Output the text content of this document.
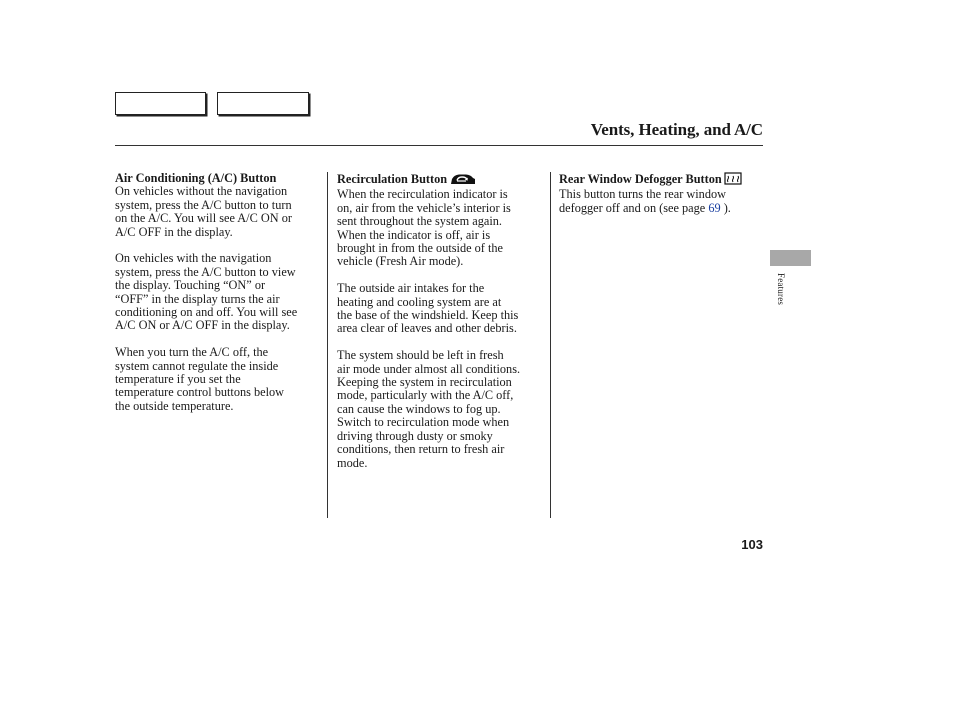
Vents, Heating, and A/C
Air Conditioning (A/C) Button

On vehicles without the navigation
system, press the A/C button to turn
on the A/C. You will see A/C ON or
A/C OFF in the display.

On vehicles with the navigation
system, press the A/C button to view
the display. Touching “ON” or
“OFF” in the display turns the air
conditioning on and off. You will see
A/C ON or A/C OFF in the display.

When you turn the A/C off, the
system cannot regulate the inside
temperature if you set the
temperature control buttons below
the outside temperature.

Recirculation Button

When the recirculation indicator is
on, air from the vehicle’s interior is
sent throughout the system again.
When the indicator is off, air is
brought in from the outside of the
vehicle (Fresh Air mode).

The outside air intakes for the
heating and cooling system are at
the base of the windshield. Keep this
area clear of leaves and other debris.

The system should be left in fresh
air mode under almost all conditions.
Keeping the system in recirculation
mode, particularly with the A/C off,
can cause the windows to fog up.
Switch to recirculation mode when
driving through dusty or smoky
conditions, then return to fresh air
mode.

Rear Window Defogger Button

This button turns the rear window
defogger off and on (see page 69 ).

Features
103
